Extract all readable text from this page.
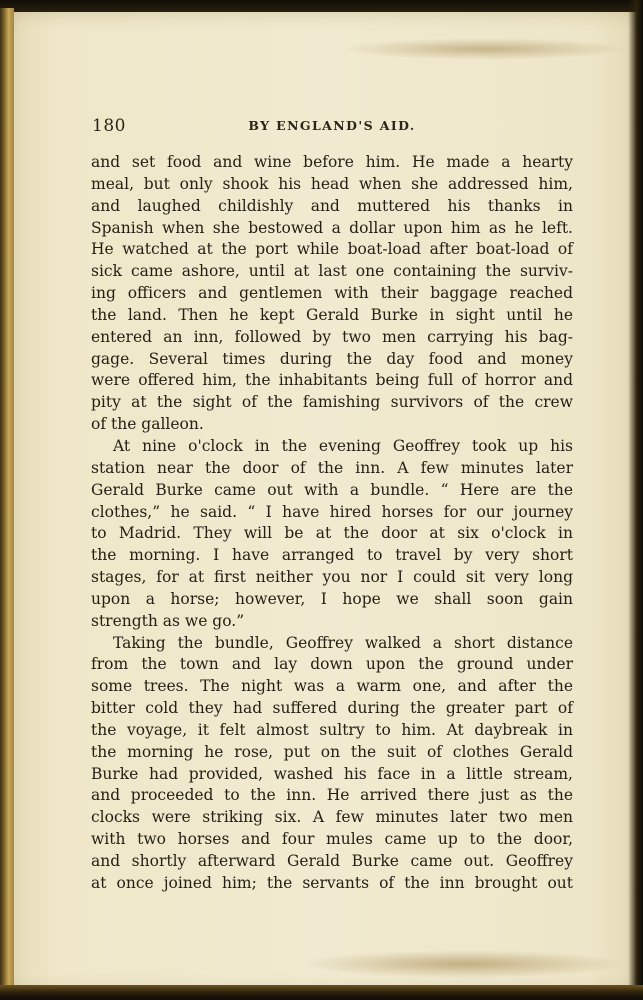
180	BY ENGLAND'S AID.
and set food and wine before him. He made a hearty
meal, but only shook his head when she addressed him,
and laughed childishly and muttered his thanks in
Spanish when she bestowed a dollar upon him as he left.
He watched at the port while boat-load after boat-load of
sick came ashore, until at last one containing the surviv-
ing officers and gentlemen with their baggage reached
the land. Then he kept Gerald Burke in sight until he
entered an inn, followed by two men carrying his bag-
gage. Several times during the day food and money
were offered him, the inhabitants being full of horror and
pity at the sight of the famishing survivors of the crew
of the galleon.
At nine o'clock in the evening Geoffrey took up his
station near the door of the inn. A few minutes later
Gerald Burke came out with a bundle. “ Here are the
clothes,” he said. “ I have hired horses for our journey
to Madrid. They will be at the door at six o'clock in
the morning. I have arranged to travel by very short
stages, for at first neither you nor I could sit very long
upon a horse; however, I hope we shall soon gain
strength as we go.”
Taking the bundle, Geoffrey walked a short distance
from the town and lay down upon the ground under
some trees. The night was a warm one, and after the
bitter cold they had suffered during the greater part of
the voyage, it felt almost sultry to him. At daybreak in
the morning he rose, put on the suit of clothes Gerald
Burke had provided, washed his face in a little stream,
and proceeded to the inn. He arrived there just as the
clocks were striking six. A few minutes later two men
with two horses and four mules came up to the door,
and shortly afterward Gerald Burke came out. Geoffrey
at once joined him; the servants of the inn brought out
